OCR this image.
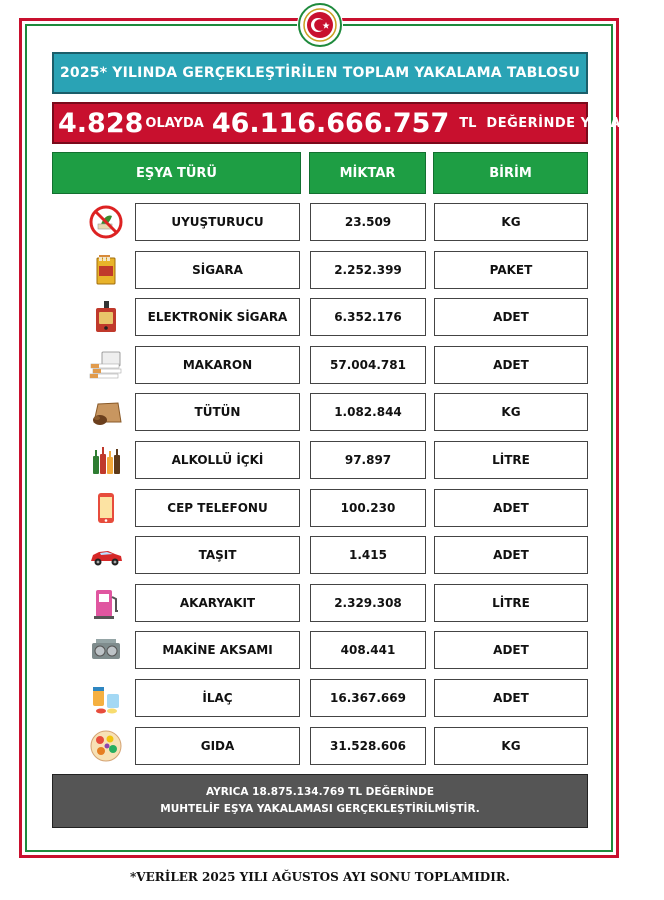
2025* YILINDA GERÇEKLEŞTİRİLEN TOPLAM YAKALAMA TABLOSU
4.828 OLAYDA 46.116.666.757 TL DEĞERİNDE YAKALAMA
EŞYA TÜRÜ	MİKTAR	BİRİM
UYUŞTURUCU	23.509	KG
SİGARA	2.252.399	PAKET
ELEKTRONİK SİGARA	6.352.176	ADET
MAKARON	57.004.781	ADET
TÜTÜN	1.082.844	KG
ALKOLLÜ İÇKİ	97.897	LİTRE
CEP TELEFONU	100.230	ADET
TAŞIT	1.415	ADET
AKARYAKIT	2.329.308	LİTRE
MAKİNE AKSAMI	408.441	ADET
İLAÇ	16.367.669	ADET
GIDA	31.528.606	KG
AYRICA 18.875.134.769 TL DEĞERİNDE
MUHTELİF EŞYA YAKALAMASI GERÇEKLEŞTİRİLMİŞTİR.
*VERİLER 2025 YILI AĞUSTOS AYI SONU TOPLAMIDIR.
